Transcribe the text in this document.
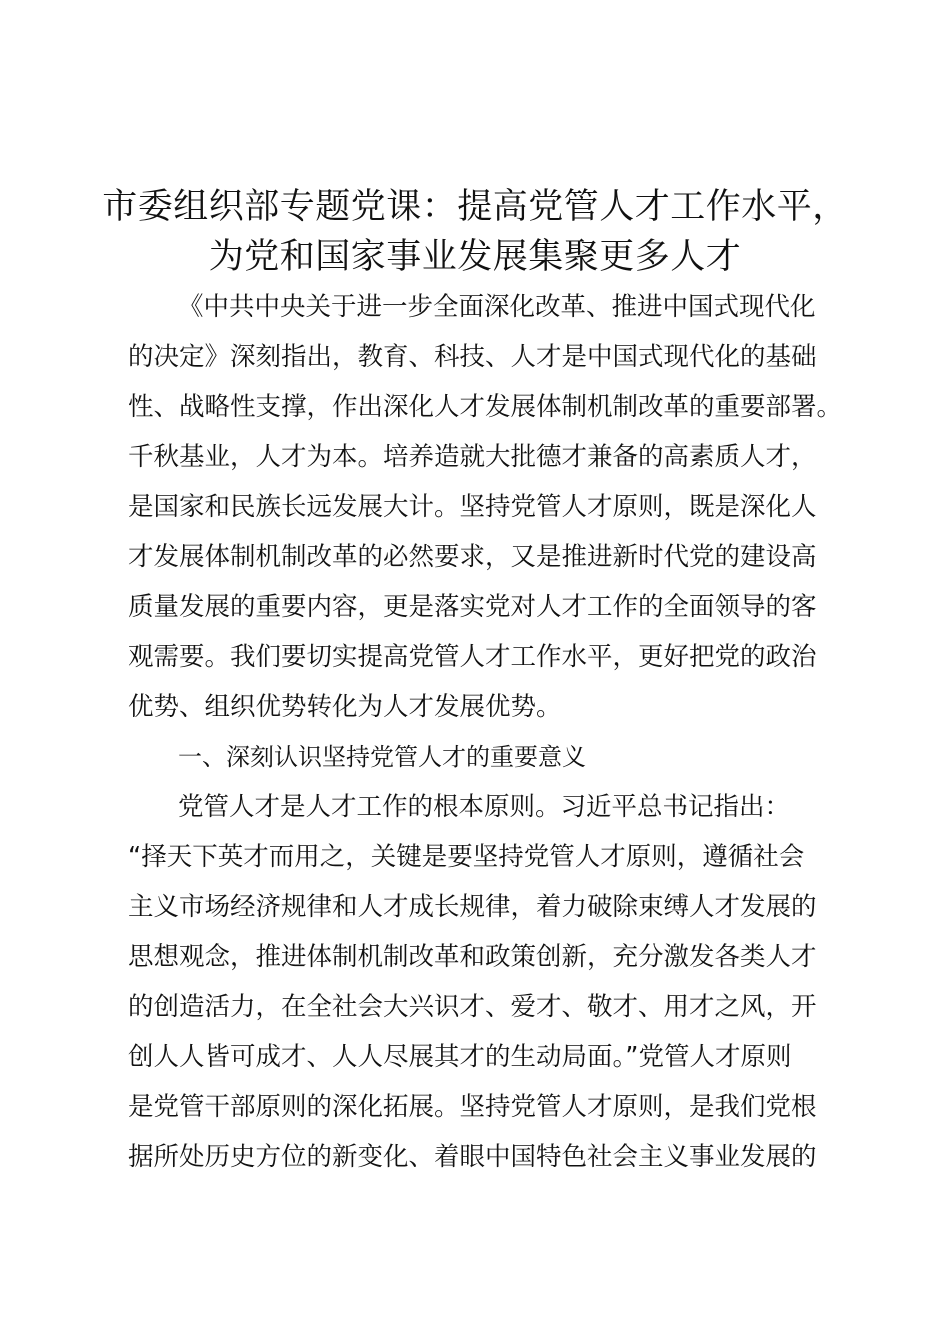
市委组织部专题党课：提高党管人才工作水平，
为党和国家事业发展集聚更多人才
《中共中央关于进一步全面深化改革、推进中国式现代化
的决定》深刻指出，教育、科技、人才是中国式现代化的基础
性、战略性支撑，作出深化人才发展体制机制改革的重要部署。
千秋基业，人才为本。培养造就大批德才兼备的高素质人才，
是国家和民族长远发展大计。坚持党管人才原则，既是深化人
才发展体制机制改革的必然要求，又是推进新时代党的建设高
质量发展的重要内容，更是落实党对人才工作的全面领导的客
观需要。我们要切实提高党管人才工作水平，更好把党的政治
优势、组织优势转化为人才发展优势。
一、深刻认识坚持党管人才的重要意义
党管人才是人才工作的根本原则。习近平总书记指出：
“择天下英才而用之，关键是要坚持党管人才原则，遵循社会
主义市场经济规律和人才成长规律，着力破除束缚人才发展的
思想观念，推进体制机制改革和政策创新，充分激发各类人才
的创造活力，在全社会大兴识才、爱才、敬才、用才之风，开
创人人皆可成才、人人尽展其才的生动局面。”党管人才原则
是党管干部原则的深化拓展。坚持党管人才原则，是我们党根
据所处历史方位的新变化、着眼中国特色社会主义事业发展的
